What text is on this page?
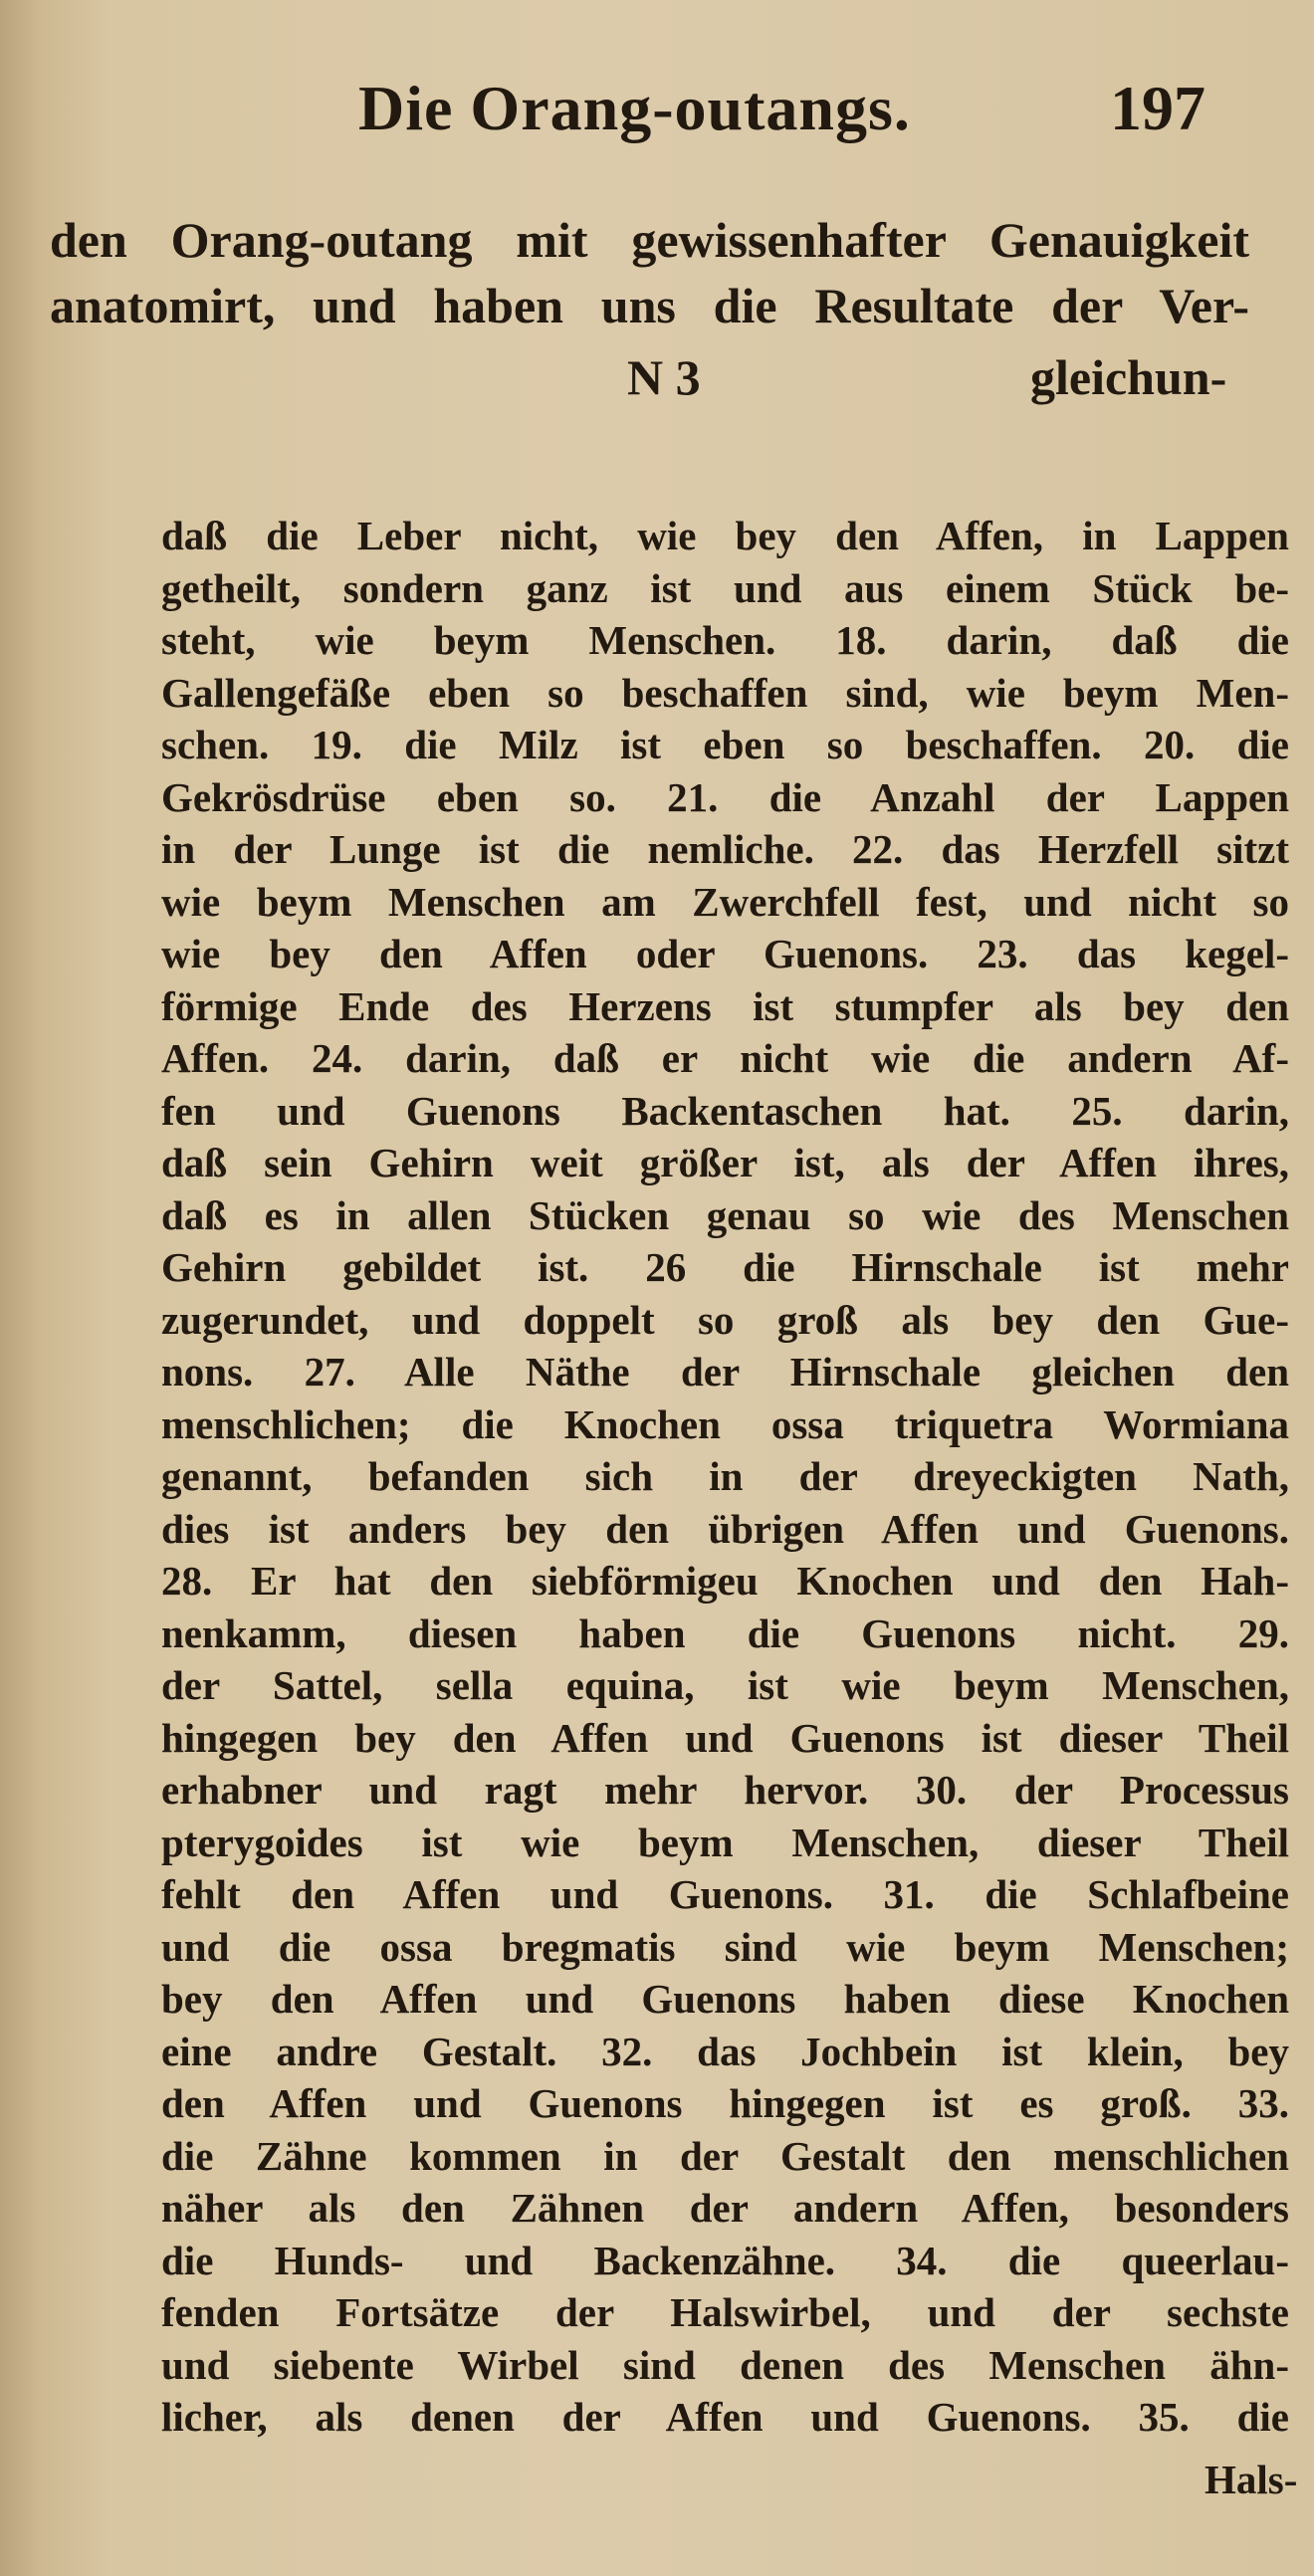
Die Orang-outangs.	197
den Orang-outang mit gewissenhafter Genauigkeit
anatomirt, und haben uns die Resultate der Ver-
N 3	gleichun-
daß die Leber nicht, wie bey den Affen, in Lappen
getheilt, sondern ganz ist und aus einem Stück be-
steht, wie beym Menschen. 18. darin, daß die
Gallengefäße eben so beschaffen sind, wie beym Men-
schen. 19. die Milz ist eben so beschaffen. 20. die
Gekrösdrüse eben so. 21. die Anzahl der Lappen
in der Lunge ist die nemliche. 22. das Herzfell sitzt
wie beym Menschen am Zwerchfell fest, und nicht so
wie bey den Affen oder Guenons. 23. das kegel-
förmige Ende des Herzens ist stumpfer als bey den
Affen. 24. darin, daß er nicht wie die andern Af-
fen und Guenons Backentaschen hat. 25. darin,
daß sein Gehirn weit größer ist, als der Affen ihres,
daß es in allen Stücken genau so wie des Menschen
Gehirn gebildet ist. 26 die Hirnschale ist mehr
zugerundet, und doppelt so groß als bey den Gue-
nons. 27. Alle Näthe der Hirnschale gleichen den
menschlichen; die Knochen ossa triquetra Wormiana
genannt, befanden sich in der dreyeckigten Nath,
dies ist anders bey den übrigen Affen und Guenons.
28. Er hat den siebförmigeu Knochen und den Hah-
nenkamm, diesen haben die Guenons nicht. 29.
der Sattel, sella equina, ist wie beym Menschen,
hingegen bey den Affen und Guenons ist dieser Theil
erhabner und ragt mehr hervor. 30. der Processus
pterygoides ist wie beym Menschen, dieser Theil
fehlt den Affen und Guenons. 31. die Schlafbeine
und die ossa bregmatis sind wie beym Menschen;
bey den Affen und Guenons haben diese Knochen
eine andre Gestalt. 32. das Jochbein ist klein, bey
den Affen und Guenons hingegen ist es groß. 33.
die Zähne kommen in der Gestalt den menschlichen
näher als den Zähnen der andern Affen, besonders
die Hunds- und Backenzähne. 34. die queerlau-
fenden Fortsätze der Halswirbel, und der sechste
und siebente Wirbel sind denen des Menschen ähn-
licher, als denen der Affen und Guenons. 35. die
Hals-
